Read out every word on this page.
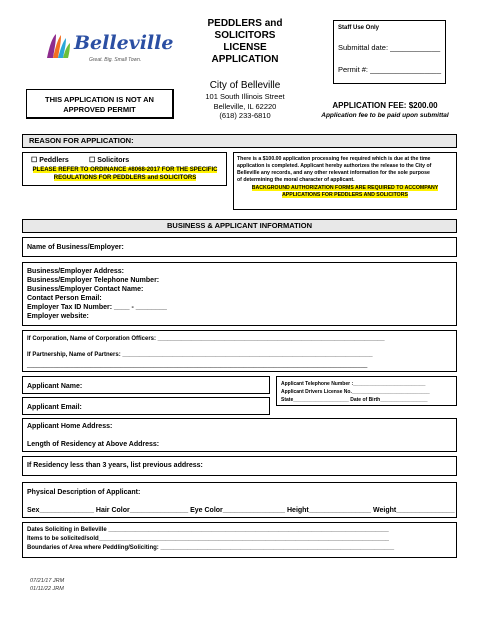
Belleville
Great. Big. Small Town.
PEDDLERS and
SOLICITORS
LICENSE
APPLICATION
City of Belleville
101 South Illinois Street
Belleville, IL 62220
(618) 233-6810
Staff Use Only
Submittal date: ____________
Permit #: _________________
THIS APPLICATION IS NOT AN
APPROVED PERMIT	APPLICATION FEE: $200.00
Application fee to be paid upon submittal
REASON FOR APPLICATION:
☐ Peddlers	☐ Solicitors
PLEASE REFER TO ORDINANCE #8068-2017 FOR THE SPECIFIC
REGULATIONS FOR PEDDLERS and SOLICITORS
There is a $100.00 application processing fee required which is due at the time
application is completed. Applicant hereby authorizes the release to the City of
Belleville any records, and any other relevant information for the sole purpose
of determining the moral character of applicant.
BACKGROUND AUTHORIZATION FORMS ARE REQUIRED TO ACCOMPANY
APPLICATIONS FOR PEDDLERS AND SOLICITORS
BUSINESS & APPLICANT INFORMATION
Name of Business/Employer:
Business/Employer Address:
Business/Employer Telephone Number:
Business/Employer Contact Name:
Contact Person Email:
Employer Tax ID Number: ____ - ________
Employer website:
If Corporation, Name of Corporation Officers: ____________________________________________________________________
If Partnership, Name of Partners: ___________________________________________________________________________
______________________________________________________________________________________________________
Applicant Name:
Applicant Email:
Applicant Telephone Number :__________________________
Applicant Drivers License No.____________________________
State____________________ Date of Birth_________________
Applicant Home Address:
Length of Residency at Above Address:
If Residency less than 3 years, list previous address:
Physical Description of Applicant:
Sex______________ Hair Color_______________ Eye Color________________ Height________________ Weight_______________
Dates Soliciting in Belleville ____________________________________________________________________________________
Items to be solicited/sold_______________________________________________________________________________________
Boundaries of Area where Peddling/Soliciting: ______________________________________________________________________
07/21/17 JRM
01/11/22 JRM
